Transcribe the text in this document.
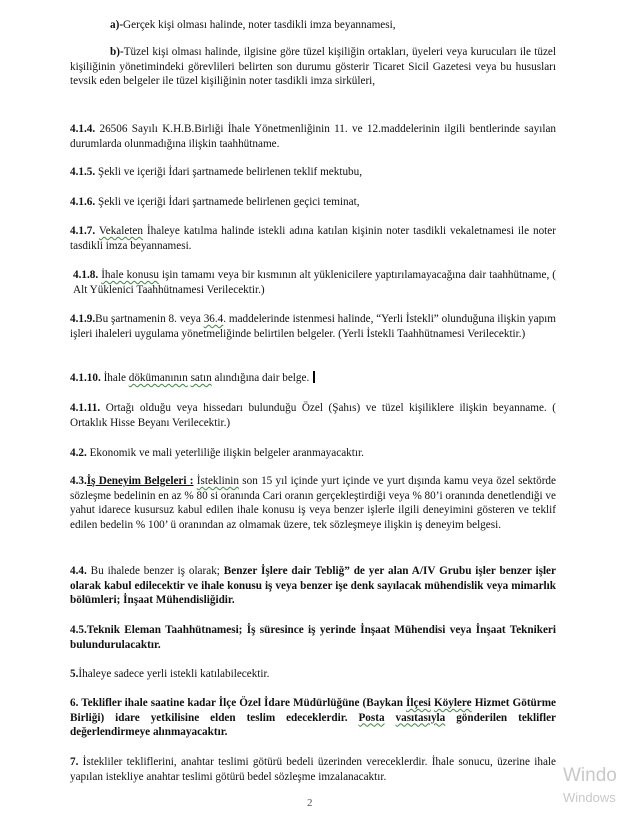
a)-Gerçek kişi olması halinde, noter tasdikli imza beyannamesi,

b)-Tüzel kişi olması halinde, ilgisine göre tüzel kişiliğin ortakları, üyeleri veya kurucuları ile tüzel kişiliğinin yönetimindeki görevlileri belirten son durumu gösterir Ticaret Sicil Gazetesi veya bu hususları tevsik eden belgeler ile tüzel kişiliğinin noter tasdikli imza sirküleri,

4.1.4. 26506 Sayılı K.H.B.Birliği İhale Yönetmenliğinin 11. ve 12.maddelerinin ilgili bentlerinde sayılan durumlarda olunmadığına ilişkin taahhütname.

4.1.5. Şekli ve içeriği İdari şartnamede belirlenen teklif mektubu,

4.1.6. Şekli ve içeriği İdari şartnamede belirlenen geçici teminat,

4.1.7. Vekaleten İhaleye katılma halinde istekli adına katılan kişinin noter tasdikli vekaletnamesi ile noter tasdikli imza beyannamesi.

4.1.8. İhale konusu işin tamamı veya bir kısmının alt yüklenicilere yaptırılamayacağına dair taahhütname, ( Alt Yüklenici Taahhütnamesi Verilecektir.)

4.1.9.Bu şartnamenin 8. veya 36.4. maddelerinde istenmesi halinde, “Yerli İstekli” olunduğuna ilişkin yapım işleri ihaleleri uygulama yönetmeliğinde belirtilen belgeler. (Yerli İstekli Taahhütnamesi Verilecektir.)

4.1.10. İhale dökümanının satın alındığına dair belge.

4.1.11. Ortağı olduğu veya hissedarı bulunduğu Özel (Şahıs) ve tüzel kişiliklere ilişkin beyanname. ( Ortaklık Hisse Beyanı Verilecektir.)

4.2. Ekonomik ve mali yeterliliğe ilişkin belgeler aranmayacaktır.

4.3.İş Deneyim Belgeleri : İsteklinin son 15 yıl içinde yurt içinde ve yurt dışında kamu veya özel sektörde sözleşme bedelinin en az % 80 si oranında Cari oranın gerçekleştirdiği veya % 80’i oranında denetlendiği ve yahut idarece kusursuz kabul edilen ihale konusu iş veya benzer işlerle ilgili deneyimini gösteren ve teklif edilen bedelin % 100’ ü oranından az olmamak üzere, tek sözleşmeye ilişkin iş deneyim belgesi.

4.4. Bu ihalede benzer iş olarak; Benzer İşlere dair Tebliğ” de yer alan A/IV Grubu işler benzer işler olarak kabul edilecektir ve ihale konusu iş veya benzer işe denk sayılacak mühendislik veya mimarlık bölümleri; İnşaat Mühendisliğidir.

4.5.Teknik Eleman Taahhütnamesi; İş süresince iş yerinde İnşaat Mühendisi veya İnşaat Teknikeri bulundurulacaktır.

5.İhaleye sadece yerli istekli katılabilecektir.

6. Teklifler ihale saatine kadar İlçe Özel İdare Müdürlüğüne (Baykan İlçesi Köylere Hizmet Götürme Birliği) idare yetkilisine elden teslim edeceklerdir. Posta vasıtasıyla gönderilen teklifler değerlendirmeye alınmayacaktır.

7. İstekliler tekliflerini, anahtar teslimi götürü bedeli üzerinden vereceklerdir. İhale sonucu, üzerine ihale yapılan istekliye anahtar teslimi götürü bedel sözleşme imzalanacaktır.

2
Windo
Windows
